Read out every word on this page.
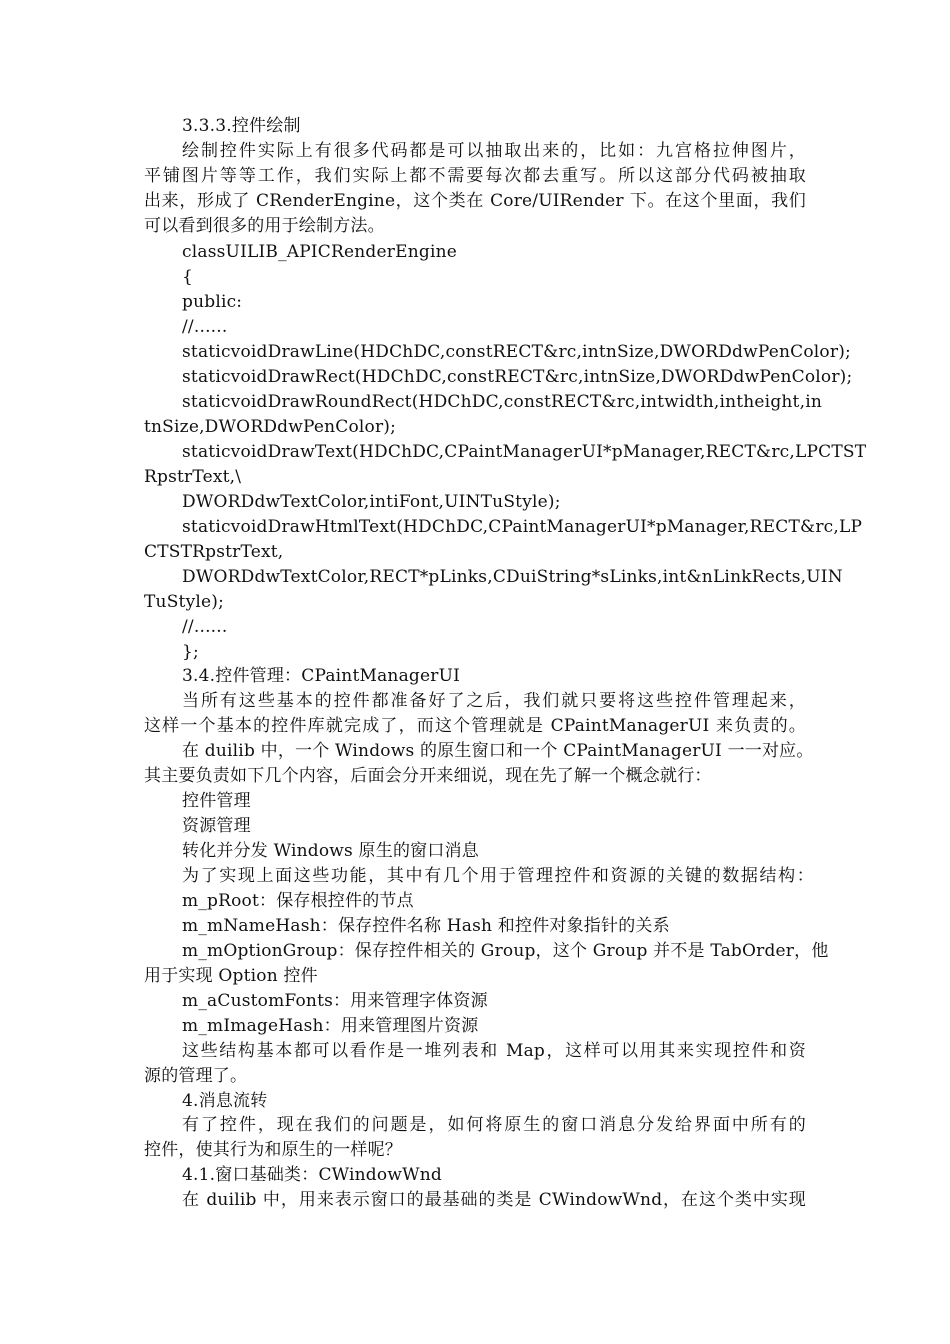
3.3.3.控件绘制
绘制控件实际上有很多代码都是可以抽取出来的，比如：九宫格拉伸图片，
平铺图片等等工作，我们实际上都不需要每次都去重写。所以这部分代码被抽取
出来，形成了 CRenderEngine，这个类在 Core/UIRender 下。在这个里面，我们
可以看到很多的用于绘制方法。
classUILIB_APICRenderEngine
{
public:
//......
staticvoidDrawLine(HDChDC,constRECT&rc,intnSize,DWORDdwPenColor);
staticvoidDrawRect(HDChDC,constRECT&rc,intnSize,DWORDdwPenColor);
staticvoidDrawRoundRect(HDChDC,constRECT&rc,intwidth,intheight,in
tnSize,DWORDdwPenColor);
staticvoidDrawText(HDChDC,CPaintManagerUI*pManager,RECT&rc,LPCTST
RpstrText,\
DWORDdwTextColor,intiFont,UINTuStyle);
staticvoidDrawHtmlText(HDChDC,CPaintManagerUI*pManager,RECT&rc,LP
CTSTRpstrText,
DWORDdwTextColor,RECT*pLinks,CDuiString*sLinks,int&nLinkRects,UIN
TuStyle);
//......
};
3.4.控件管理：CPaintManagerUI
当所有这些基本的控件都准备好了之后，我们就只要将这些控件管理起来，
这样一个基本的控件库就完成了，而这个管理就是 CPaintManagerUI 来负责的。
在 duilib 中，一个 Windows 的原生窗口和一个 CPaintManagerUI 一一对应。
其主要负责如下几个内容，后面会分开来细说，现在先了解一个概念就行：
控件管理
资源管理
转化并分发 Windows 原生的窗口消息
为了实现上面这些功能，其中有几个用于管理控件和资源的关键的数据结构：
m_pRoot：保存根控件的节点
m_mNameHash：保存控件名称 Hash 和控件对象指针的关系
m_mOptionGroup：保存控件相关的 Group，这个 Group 并不是 TabOrder，他
用于实现 Option 控件
m_aCustomFonts：用来管理字体资源
m_mImageHash：用来管理图片资源
这些结构基本都可以看作是一堆列表和 Map，这样可以用其来实现控件和资
源的管理了。
4.消息流转
有了控件，现在我们的问题是，如何将原生的窗口消息分发给界面中所有的
控件，使其行为和原生的一样呢？
4.1.窗口基础类：CWindowWnd
在 duilib 中，用来表示窗口的最基础的类是 CWindowWnd，在这个类中实现
